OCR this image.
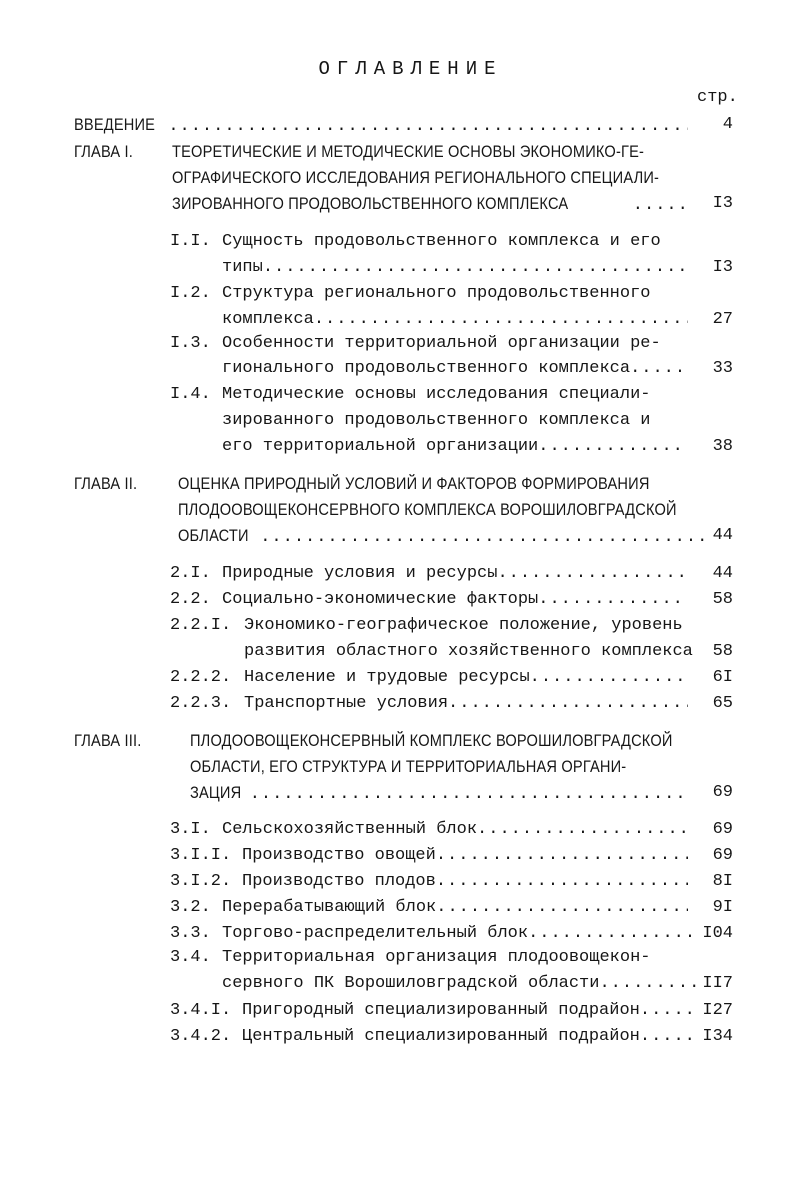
ОГЛАВЛЕНИЕ
стр.
ВВЕДЕНИЕ .....	4
ГЛАВА I. ТЕОРЕТИЧЕСКИЕ И МЕТОДИЧЕСКИЕ ОСНОВЫ ЭКОНОМИКО-ГЕ-
ОГРАФИЧЕСКОГО ИССЛЕДОВАНИЯ РЕГИОНАЛЬНОГО СПЕЦИАЛИ-
ЗИРОВАННОГО ПРОДОВОЛЬСТВЕННОГО КОМПЛЕКСА .....	I3
I.I. Сущность продовольственного комплекса и его
типы .....	I3
I.2. Структура регионального продовольственного
комплекса .....	27
I.3. Особенности территориальной организации ре-
гионального продовольственного комплекса .....	33
I.4. Методические основы исследования специали-
зированного продовольственного комплекса и
его территориальной организации .....	38
ГЛАВА II. ОЦЕНКА ПРИРОДНЫЙ УСЛОВИЙ И ФАКТОРОВ ФОРМИРОВАНИЯ
ПЛОДООВОЩЕКОНСЕРВНОГО КОМПЛЕКСА ВОРОШИЛОВГРАДСКОЙ
ОБЛАСТИ .....	44
2.I. Природные условия и ресурсы .....	44
2.2. Социально-экономические факторы .....	58
2.2.I. Экономико-географическое положение, уровень
развития областного хозяйственного комплекса	58
2.2.2. Население и трудовые ресурсы .....	6I
2.2.3. Транспортные условия .....	65
ГЛАВА III.	ПЛОДООВОЩЕКОНСЕРВНЫЙ КОМПЛЕКС ВОРОШИЛОВГРАДСКОЙ
ОБЛАСТИ, ЕГО СТРУКТУРА И ТЕРРИТОРИАЛЬНАЯ ОРГАНИ-
ЗАЦИЯ .....	69
3.I. Сельскохозяйственный блок .....	69
3.I.I. Производство овощей .....	69
3.I.2. Производство плодов .....	8I
3.2. Перерабатывающий блок .....	9I
3.3. Торгово-распределительный блок .....	I04
3.4. Территориальная организация плодоовощекон-
сервного ПК Ворошиловградской области .....	II7
3.4.I. Пригородный специализированный подрайон .....	I27
3.4.2. Центральный специализированный подрайон .....	I34
